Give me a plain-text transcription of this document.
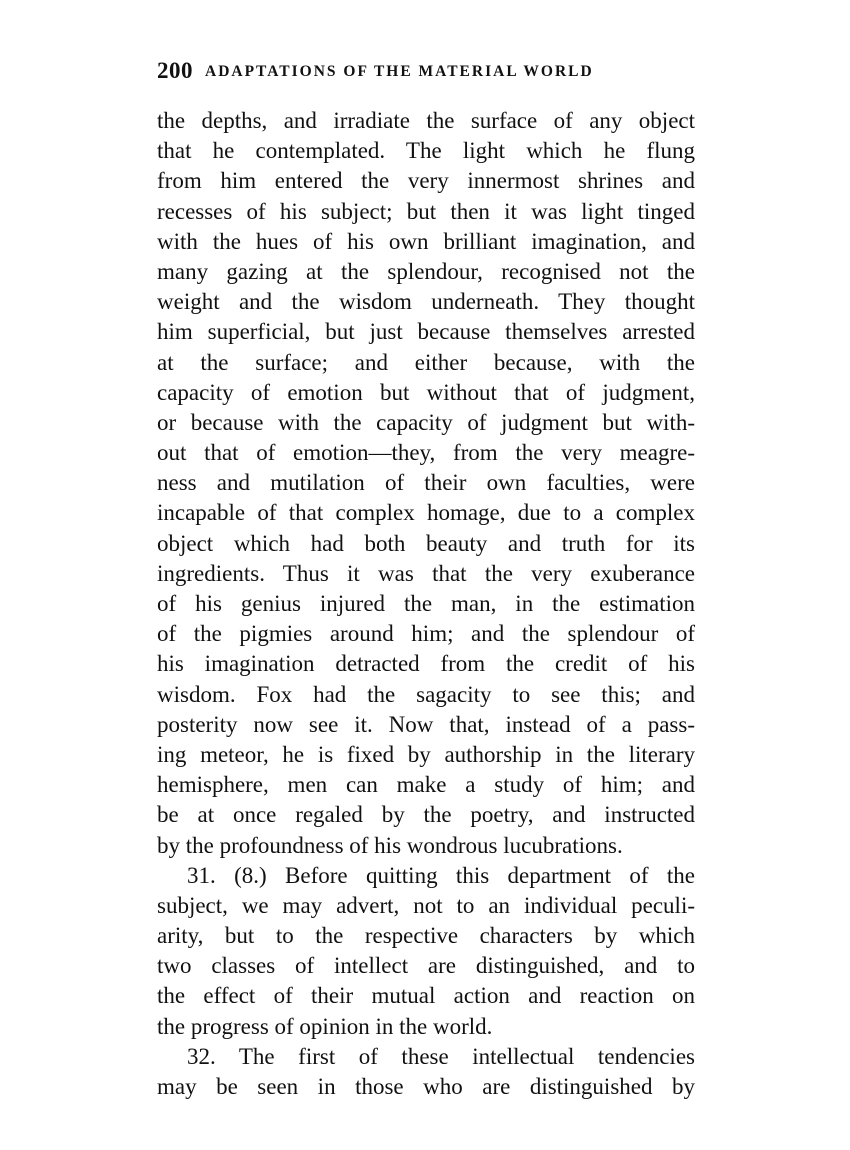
200 ADAPTATIONS OF THE MATERIAL WORLD
the depths, and irradiate the surface of any object
that he contemplated. The light which he flung
from him entered the very innermost shrines and
recesses of his subject; but then it was light tinged
with the hues of his own brilliant imagination, and
many gazing at the splendour, recognised not the
weight and the wisdom underneath. They thought
him superficial, but just because themselves arrested
at the surface; and either because, with the
capacity of emotion but without that of judgment,
or because with the capacity of judgment but with-
out that of emotion—they, from the very meagre-
ness and mutilation of their own faculties, were
incapable of that complex homage, due to a complex
object which had both beauty and truth for its
ingredients. Thus it was that the very exuberance
of his genius injured the man, in the estimation
of the pigmies around him; and the splendour of
his imagination detracted from the credit of his
wisdom. Fox had the sagacity to see this; and
posterity now see it. Now that, instead of a pass-
ing meteor, he is fixed by authorship in the literary
hemisphere, men can make a study of him; and
be at once regaled by the poetry, and instructed
by the profoundness of his wondrous lucubrations.
31. (8.) Before quitting this department of the
subject, we may advert, not to an individual peculi-
arity, but to the respective characters by which
two classes of intellect are distinguished, and to
the effect of their mutual action and reaction on
the progress of opinion in the world.
32. The first of these intellectual tendencies
may be seen in those who are distinguished by
